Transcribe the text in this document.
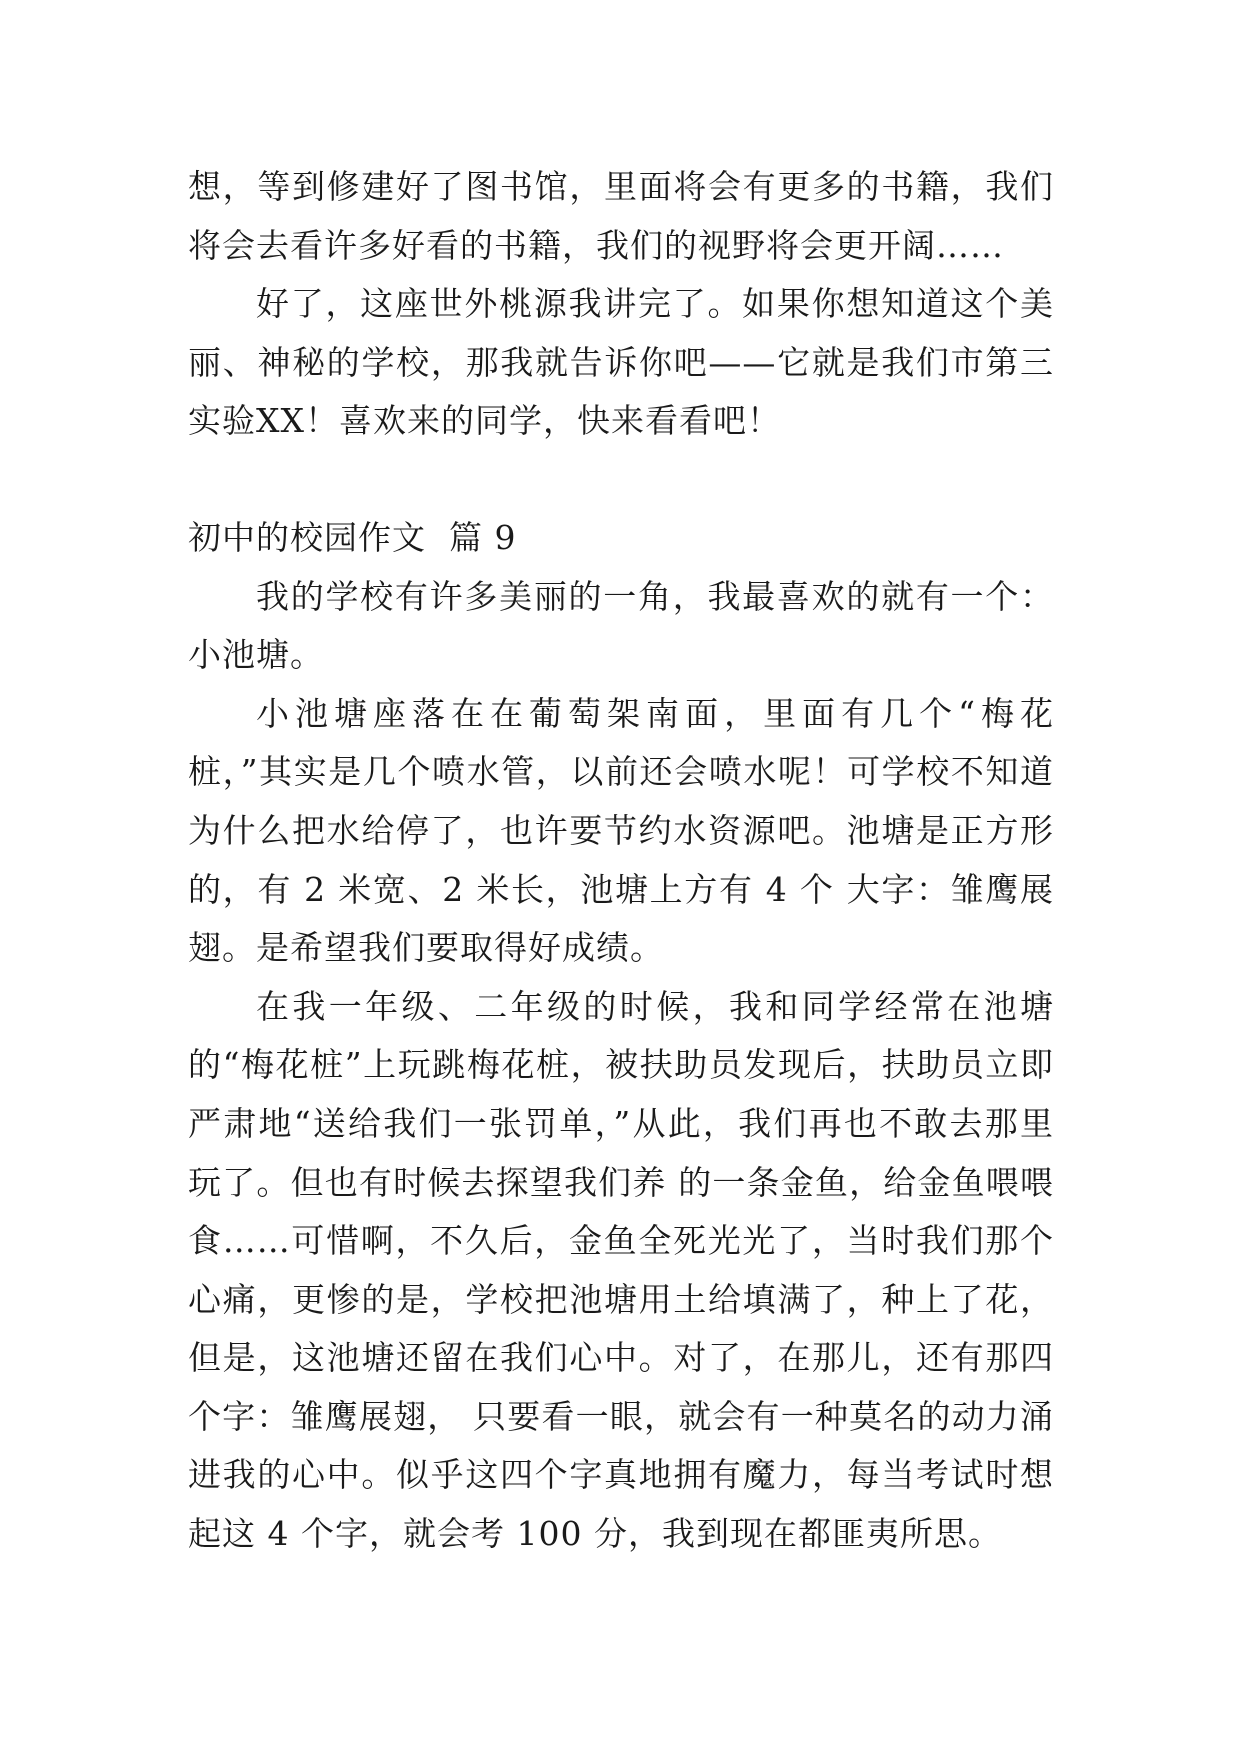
想，等到修建好了图书馆，里面将会有更多的书籍，我们将会去看许多好看的书籍，我们的视野将会更开阔……

好了，这座世外桃源我讲完了。如果你想知道这个美丽、神秘的学校，那我就告诉你吧——它就是我们市第三实验XX！喜欢来的同学，快来看看吧！

初中的校园作文  篇 9

我的学校有许多美丽的一角，我最喜欢的就有一个：小池塘。

小池塘座落在在葡萄架南面，里面有几个“梅花桩，”其实是几个喷水管，以前还会喷水呢！可学校不知道为什么把水给停了，也许要节约水资源吧。池塘是正方形的，有 2 米宽、2 米长，池塘上方有 4 个 大字：雏鹰展翅。是希望我们要取得好成绩。

在我一年级、二年级的时候，我和同学经常在池塘的“梅花桩”上玩跳梅花桩，被扶助员发现后，扶助员立即严肃地“送给我们一张罚单，”从此，我们再也不敢去那里玩了。但也有时候去探望我们养 的一条金鱼，给金鱼喂喂食……可惜啊，不久后，金鱼全死光光了，当时我们那个心痛，更惨的是，学校把池塘用土给填满了，种上了花，但是，这池塘还留在我们心中。对了，在那儿，还有那四个字：雏鹰展翅， 只要看一眼，就会有一种莫名的动力涌进我的心中。似乎这四个字真地拥有魔力，每当考试时想起这 4 个字，就会考 100 分，我到现在都匪夷所思。
